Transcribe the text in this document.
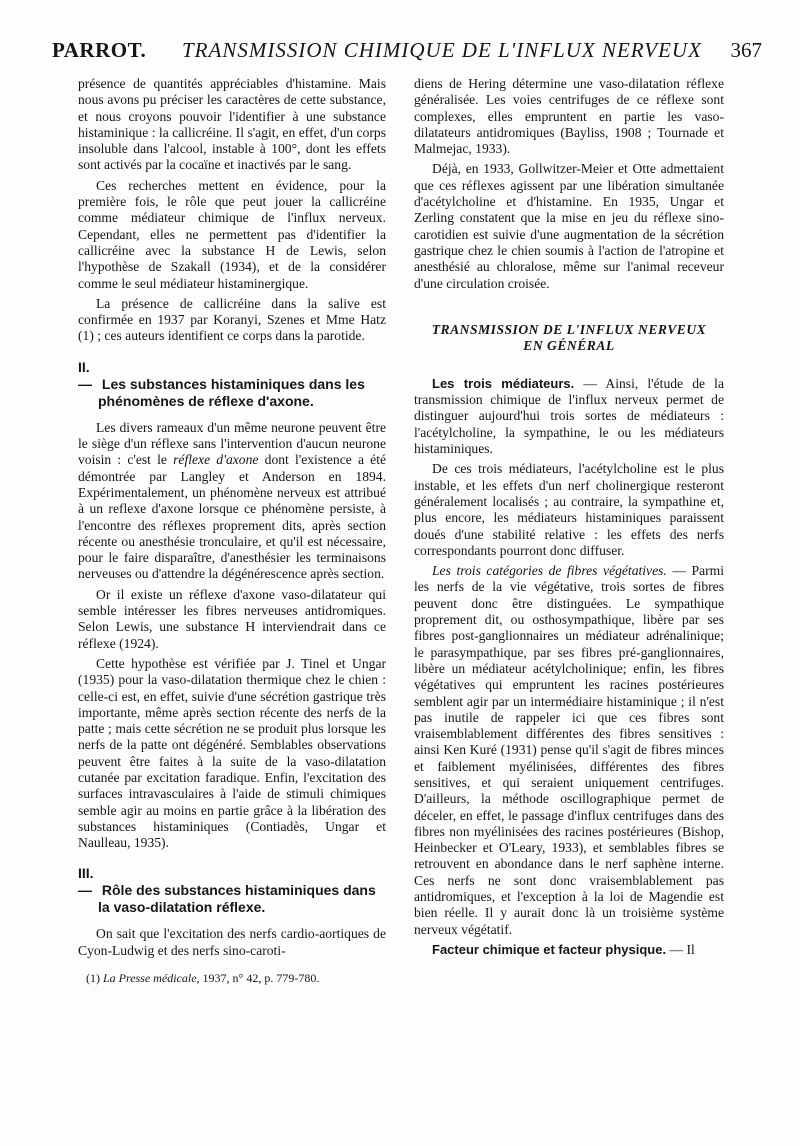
PARROT. TRANSMISSION CHIMIQUE DE L'INFLUX NERVEUX 367

présence de quantités appréciables d'histamine. Mais nous avons pu préciser les caractères de cette substance, et nous croyons pouvoir l'identifier à une substance histaminique : la callicréine. Il s'agit, en effet, d'un corps insoluble dans l'alcool, instable à 100°, dont les effets sont activés par la cocaïne et inactivés par le sang.

Ces recherches mettent en évidence, pour la première fois, le rôle que peut jouer la callicréine comme médiateur chimique de l'influx nerveux. Cependant, elles ne permettent pas d'identifier la callicréine avec la substance H de Lewis, selon l'hypothèse de Szakall (1934), et de la considérer comme le seul médiateur histaminergique.

La présence de callicréine dans la salive est confirmée en 1937 par Koranyi, Szenes et Mme Hatz (1) ; ces auteurs identifient ce corps dans la parotide.

II. — Les substances histaminiques dans les phénomènes de réflexe d'axone.

Les divers rameaux d'un même neurone peuvent être le siège d'un réflexe sans l'intervention d'aucun neurone voisin : c'est le réflexe d'axone dont l'existence a été démontrée par Langley et Anderson en 1894. Expérimentalement, un phénomène nerveux est attribué à un reflexe d'axone lorsque ce phénomène persiste, à l'encontre des réflexes proprement dits, après section récente ou anesthésie tronculaire, et qu'il est nécessaire, pour le faire disparaître, d'anesthésier les terminaisons nerveuses ou d'attendre la dégénérescence après section.

Or il existe un réflexe d'axone vaso-dilatateur qui semble intéresser les fibres nerveuses antidromiques. Selon Lewis, une substance H interviendrait dans ce réflexe (1924).

Cette hypothèse est vérifiée par J. Tinel et Ungar (1935) pour la vaso-dilatation thermique chez le chien : celle-ci est, en effet, suivie d'une sécrétion gastrique très importante, même après section récente des nerfs de la patte ; mais cette sécrétion ne se produit plus lorsque les nerfs de la patte ont dégénéré. Semblables observations peuvent être faites à la suite de la vaso-dilatation cutanée par excitation faradique. Enfin, l'excitation des surfaces intravasculaires à l'aide de stimuli chimiques semble agir au moins en partie grâce à la libération des substances histaminiques (Contiadès, Ungar et Naulleau, 1935).

III. — Rôle des substances histaminiques dans la vaso-dilatation réflexe.

On sait que l'excitation des nerfs cardio-aortiques de Cyon-Ludwig et des nerfs sino-caroti-

(1) La Presse médicale, 1937, n° 42, p. 779-780.

diens de Hering détermine une vaso-dilatation réflexe généralisée. Les voies centrifuges de ce réflexe sont complexes, elles empruntent en partie les vaso-dilatateurs antidromiques (Bayliss, 1908 ; Tournade et Malmejac, 1933).

Déjà, en 1933, Gollwitzer-Meier et Otte admettaient que ces réflexes agissent par une libération simultanée d'acétylcholine et d'histamine. En 1935, Ungar et Zerling constatent que la mise en jeu du réflexe sino-carotidien est suivie d'une augmentation de la sécrétion gastrique chez le chien soumis à l'action de l'atropine et anesthésié au chloralose, même sur l'animal receveur d'une circulation croisée.

TRANSMISSION DE L'INFLUX NERVEUX
EN GÉNÉRAL

Les trois médiateurs. — Ainsi, l'étude de la transmission chimique de l'influx nerveux permet de distinguer aujourd'hui trois sortes de médiateurs : l'acétylcholine, la sympathine, le ou les médiateurs histaminiques.

De ces trois médiateurs, l'acétylcholine est le plus instable, et les effets d'un nerf cholinergique resteront généralement localisés ; au contraire, la sympathine et, plus encore, les médiateurs histaminiques paraissent doués d'une stabilité relative : les effets des nerfs correspondants pourront donc diffuser.

Les trois catégories de fibres végétatives. — Parmi les nerfs de la vie végétative, trois sortes de fibres peuvent donc être distinguées. Le sympathique proprement dit, ou osthosympathique, libère par ses fibres post-ganglionnaires un médiateur adrénalinique; le parasympathique, par ses fibres pré-ganglionnaires, libère un médiateur acétylcholinique; enfin, les fibres végétatives qui empruntent les racines postérieures semblent agir par un intermédiaire histaminique ; il n'est pas inutile de rappeler ici que ces fibres sont vraisemblablement différentes des fibres sensitives : ainsi Ken Kuré (1931) pense qu'il s'agit de fibres minces et faiblement myélinisées, différentes des fibres sensitives, et qui seraient uniquement centrifuges. D'ailleurs, la méthode oscillographique permet de déceler, en effet, le passage d'influx centrifuges dans des fibres non myélinisées des racines postérieures (Bishop, Heinbecker et O'Leary, 1933), et semblables fibres se retrouvent en abondance dans le nerf saphène interne. Ces nerfs ne sont donc vraisemblablement pas antidromiques, et l'exception à la loi de Magendie est bien réelle. Il y aurait donc là un troisième système nerveux végétatif.

Facteur chimique et facteur physique. — Il
